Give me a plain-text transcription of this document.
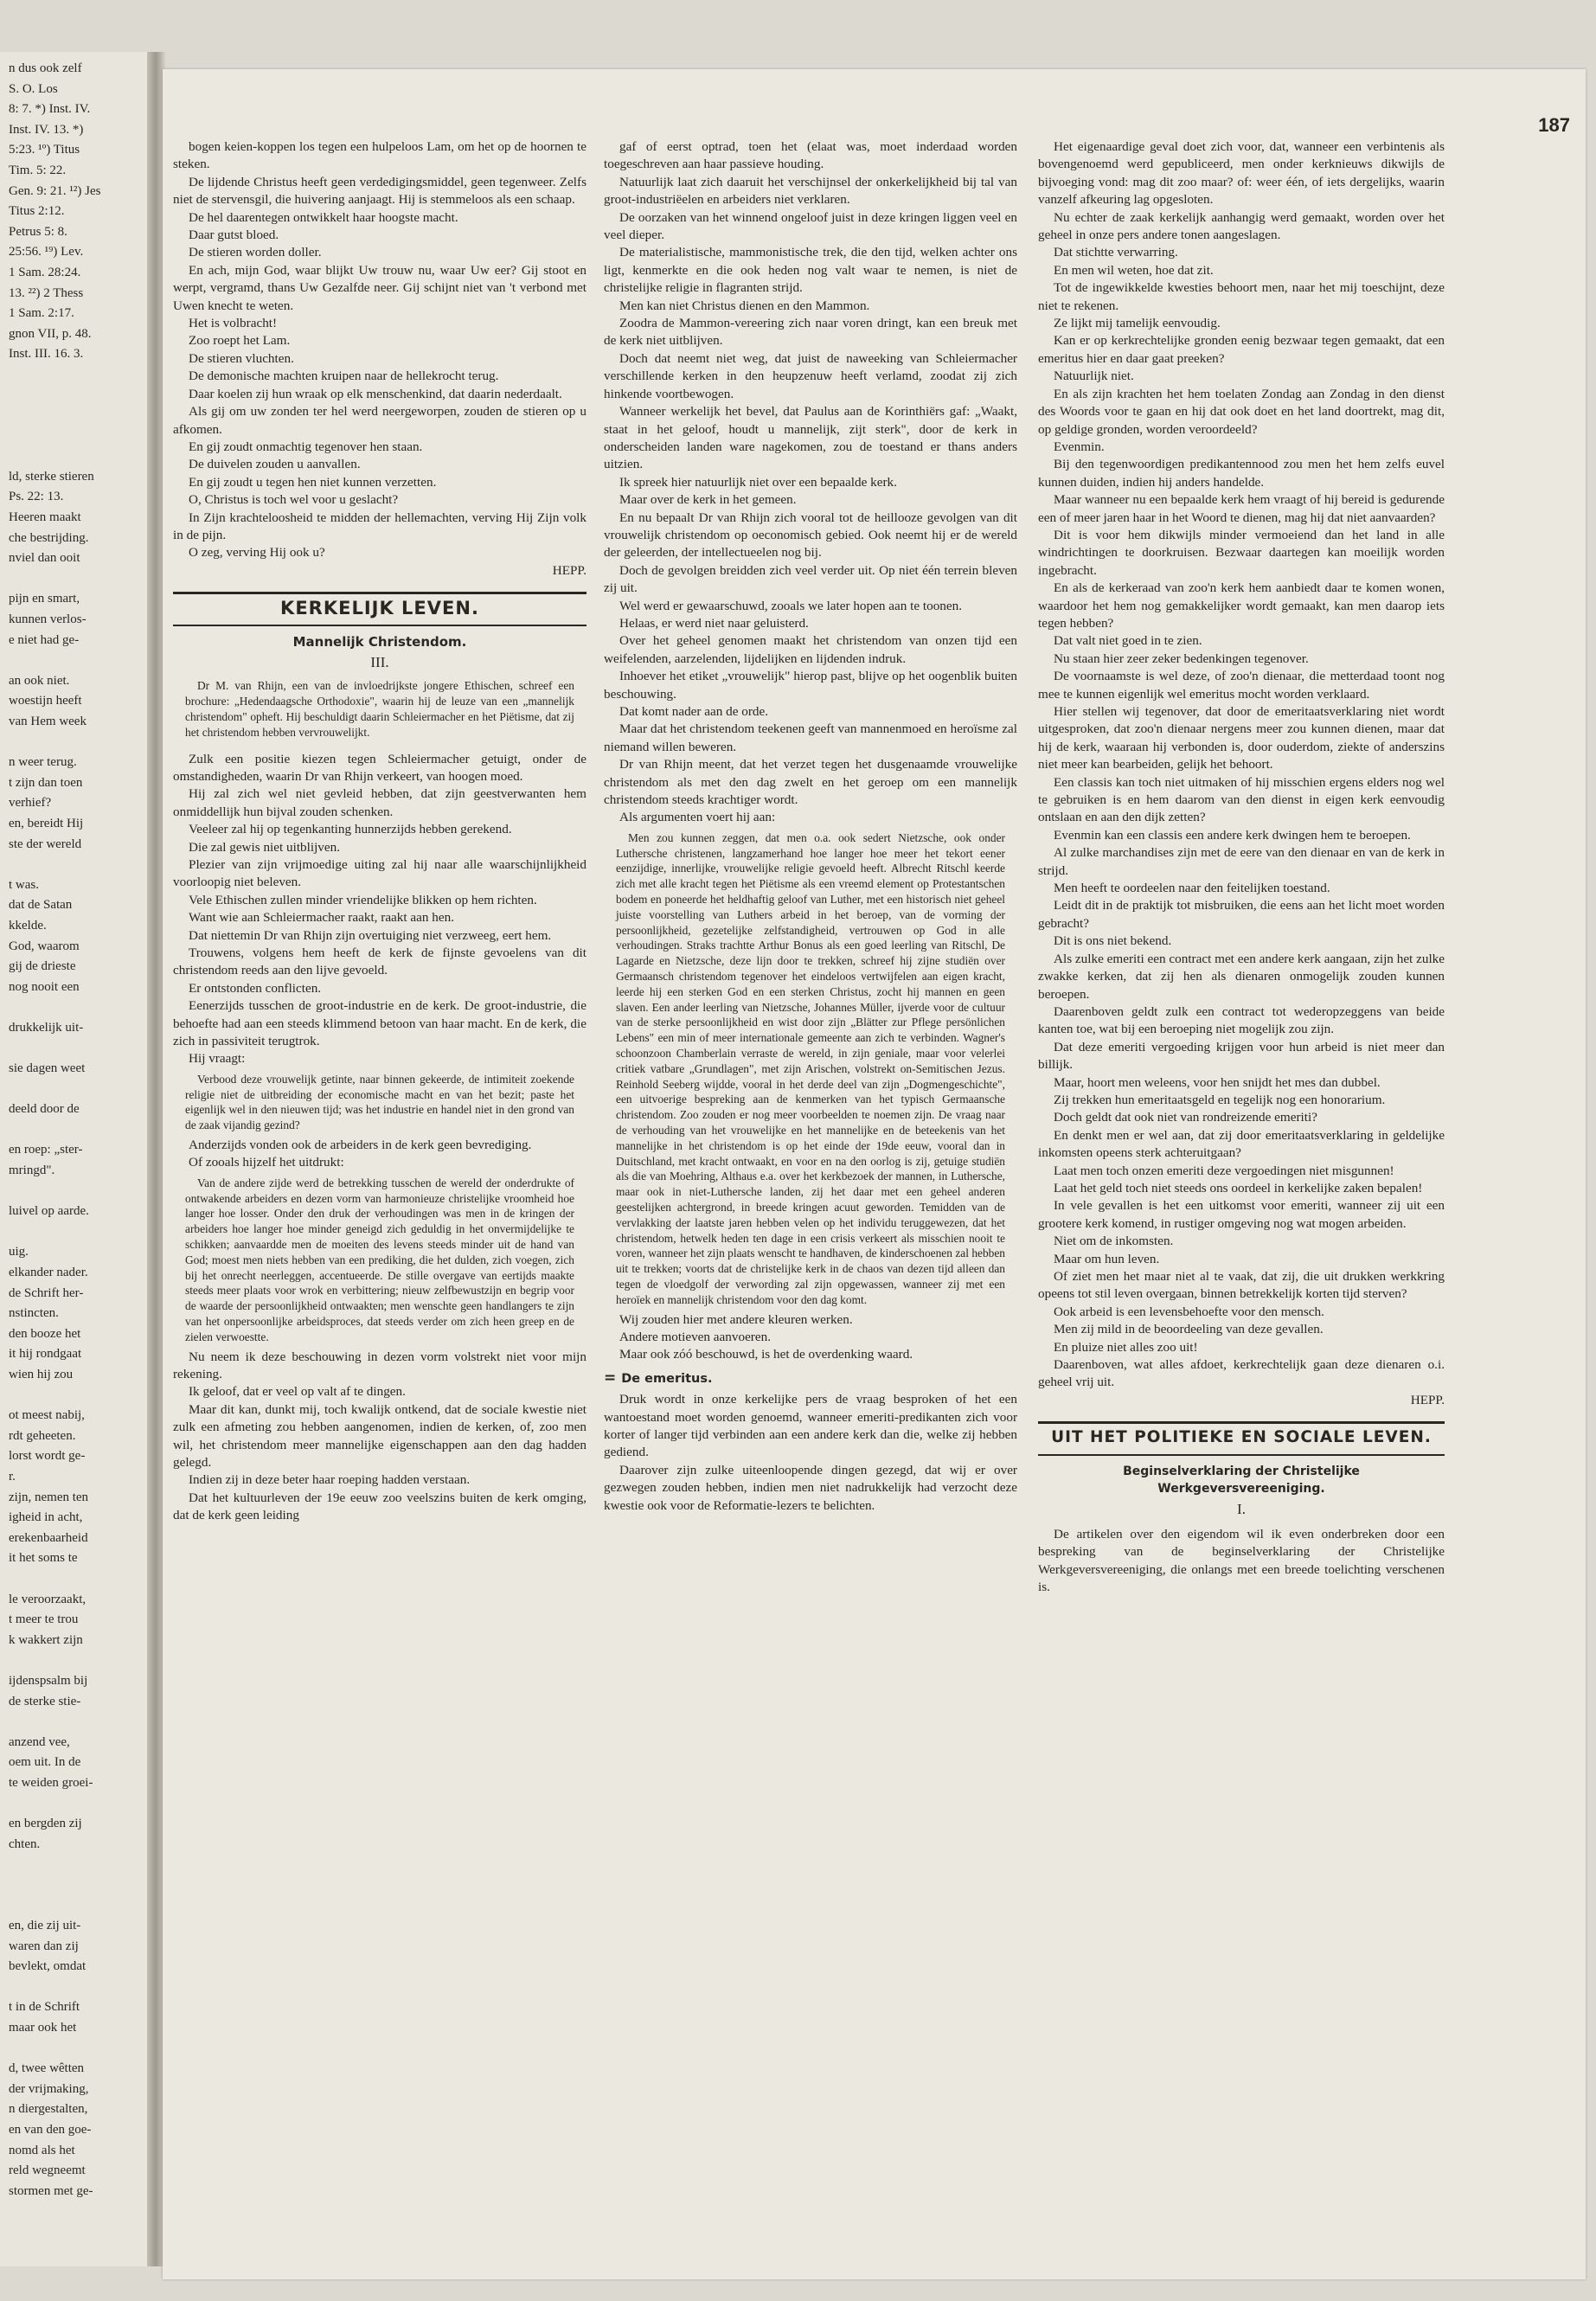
n dus ook zelf
S. O. Los
8: 7. *) Inst. IV.
Inst. IV. 13. *)
5:23. ¹º) Titus
Tim. 5: 22.
Gen. 9: 21. ¹²) Jes
Titus 2:12.
Petrus 5: 8.
25:56. ¹⁹) Lev.
1 Sam. 28:24.
13. ²²) 2 Thess
1 Sam. 2:17.
gnon VII, p. 48.
Inst. III. 16. 3.
ld, sterke stieren
Ps. 22: 13.
Heeren maakt
che bestrijding.
nviel dan ooit
pijn en smart,
kunnen verlos-
e niet had ge-
an ook niet.
woestijn heeft
van Hem week
n weer terug.
t zijn dan toen
verhief?
en, bereidt Hij
ste der wereld
t was.
dat de Satan
kkelde.
God, waarom
gij de drieste
nog nooit een
drukkelijk uit-
sie dagen weet
deeld door de
en roep: „ster-
mringd".
luivel op aarde.
uig.
elkander nader.
de Schrift her-
nstincten.
den booze het
it hij rondgaat
wien hij zou
ot meest nabij,
rdt geheeten.
lorst wordt ge-
r.
zijn, nemen ten
igheid in acht,
erekenbaarheid
it het soms te
le veroorzaakt,
t meer te trou
k wakkert zijn
ijdenspsalm bij
de sterke stie-
anzend vee,
oem uit. In de
te weiden groei-
en bergden zij
chten.
en, die zij uit-
waren dan zij
bevlekt, omdat
t in de Schrift
maar ook het
d, twee wêtten
der vrijmaking,
n diergestalten,
en van den goe-
nomd als het
reld wegneemt
stormen met ge-
187

bogen keien-koppen los tegen een hulpeloos Lam, om het op de hoornen te steken.

De lijdende Christus heeft geen verdedigingsmiddel, geen tegenweer. Zelfs niet de stervensgil, die huivering aanjaagt. Hij is stemmeloos als een schaap.

De hel daarentegen ontwikkelt haar hoogste macht.

Daar gutst bloed.

De stieren worden doller.

En ach, mijn God, waar blijkt Uw trouw nu, waar Uw eer? Gij stoot en werpt, vergramd, thans Uw Gezalfde neer. Gij schijnt niet van 't verbond met Uwen knecht te weten.

Het is volbracht!

Zoo roept het Lam.

De stieren vluchten.

De demonische machten kruipen naar de hellekrocht terug.

Daar koelen zij hun wraak op elk menschenkind, dat daarin nederdaalt.

Als gij om uw zonden ter hel werd neergeworpen, zouden de stieren op u afkomen.

En gij zoudt onmachtig tegenover hen staan.

De duivelen zouden u aanvallen.

En gij zoudt u tegen hen niet kunnen verzetten.

O, Christus is toch wel voor u geslacht?

In Zijn krachteloosheid te midden der hellemachten, verving Hij Zijn volk in de pijn.

O zeg, verving Hij ook u?

HEPP.

KERKELIJK LEVEN.
Mannelijk Christendom.
III.

Dr M. van Rhijn, een van de invloedrijkste jongere Ethischen, schreef een brochure: „Hedendaagsche Orthodoxie", waarin hij de leuze van een „mannelijk christendom" opheft. Hij beschuldigt daarin Schleiermacher en het Piëtisme, dat zij het christendom hebben vervrouwelijkt.

Zulk een positie kiezen tegen Schleiermacher getuigt, onder de omstandigheden, waarin Dr van Rhijn verkeert, van hoogen moed.

Hij zal zich wel niet gevleid hebben, dat zijn geestverwanten hem onmiddellijk hun bijval zouden schenken.

Veeleer zal hij op tegenkanting hunnerzijds hebben gerekend.

Die zal gewis niet uitblijven.

Plezier van zijn vrijmoedige uiting zal hij naar alle waarschijnlijkheid voorloopig niet beleven.

Vele Ethischen zullen minder vriendelijke blikken op hem richten.

Want wie aan Schleiermacher raakt, raakt aan hen.

Dat niettemin Dr van Rhijn zijn overtuiging niet verzweeg, eert hem.

Trouwens, volgens hem heeft de kerk de fijnste gevoelens van dit christendom reeds aan den lijve gevoeld.

Er ontstonden conflicten.

Eenerzijds tusschen de groot-industrie en de kerk. De groot-industrie, die behoefte had aan een steeds klimmend betoon van haar macht. En de kerk, die zich in passiviteit terugtrok.

Hij vraagt:

Verbood deze vrouwelijk getinte, naar binnen gekeerde, de intimiteit zoekende religie niet de uitbreiding der economische macht en van het bezit; paste het eigenlijk wel in den nieuwen tijd; was het industrie en handel niet in den grond van de zaak vijandig gezind?

Anderzijds vonden ook de arbeiders in de kerk geen bevrediging.

Of zooals hijzelf het uitdrukt:

Van de andere zijde werd de betrekking tusschen de wereld der onderdrukte of ontwakende arbeiders en dezen vorm van harmonieuze christelijke vroomheid hoe langer hoe losser. Onder den druk der verhoudingen was men in de kringen der arbeiders hoe langer hoe minder geneigd zich geduldig in het onvermijdelijke te schikken; aanvaardde men de moeiten des levens steeds minder uit de hand van God; moest men niets hebben van een prediking, die het dulden, zich voegen, zich bij het onrecht neerleggen, accentueerde. De stille overgave van eertijds maakte steeds meer plaats voor wrok en verbittering; nieuw zelfbewustzijn en begrip voor de waarde der persoonlijkheid ontwaakten; men wenschte geen handlangers te zijn van het onpersoonlijke arbeidsproces, dat steeds verder om zich heen greep en de zielen verwoestte.

Nu neem ik deze beschouwing in dezen vorm volstrekt niet voor mijn rekening.

Ik geloof, dat er veel op valt af te dingen.

Maar dit kan, dunkt mij, toch kwalijk ontkend, dat de sociale kwestie niet zulk een afmeting zou hebben aangenomen, indien de kerken, of, zoo men wil, het christendom meer mannelijke eigenschappen aan den dag hadden gelegd.

Indien zij in deze beter haar roeping hadden verstaan.

Dat het kultuurleven der 19e eeuw zoo veelszins buiten de kerk omging, dat de kerk geen leiding

gaf of eerst optrad, toen het (elaat was, moet inderdaad worden toegeschreven aan haar passieve houding.

Natuurlijk laat zich daaruit het verschijnsel der onkerkelijkheid bij tal van groot-industriëelen en arbeiders niet verklaren.

De oorzaken van het winnend ongeloof juist in deze kringen liggen veel en veel dieper.

De materialistische, mammonistische trek, die den tijd, welken achter ons ligt, kenmerkte en die ook heden nog valt waar te nemen, is niet de christelijke religie in flagranten strijd.

Men kan niet Christus dienen en den Mammon.

Zoodra de Mammon-vereering zich naar voren dringt, kan een breuk met de kerk niet uitblijven.

Doch dat neemt niet weg, dat juist de naweeking van Schleiermacher verschillende kerken in den heupzenuw heeft verlamd, zoodat zij zich hinkende voortbewogen.

Wanneer werkelijk het bevel, dat Paulus aan de Korinthiërs gaf: „Waakt, staat in het geloof, houdt u mannelijk, zijt sterk", door de kerk in onderscheiden landen ware nagekomen, zou de toestand er thans anders uitzien.

Ik spreek hier natuurlijk niet over een bepaalde kerk.

Maar over de kerk in het gemeen.

En nu bepaalt Dr van Rhijn zich vooral tot de heillooze gevolgen van dit vrouwelijk christendom op oeconomisch gebied. Ook neemt hij er de wereld der geleerden, der intellectueelen nog bij.

Doch de gevolgen breidden zich veel verder uit. Op niet één terrein bleven zij uit.

Wel werd er gewaarschuwd, zooals we later hopen aan te toonen.

Helaas, er werd niet naar geluisterd.

Over het geheel genomen maakt het christendom van onzen tijd een weifelenden, aarzelenden, lijdelijken en lijdenden indruk.

Inhoever het etiket „vrouwelijk" hierop past, blijve op het oogenblik buiten beschouwing.

Dat komt nader aan de orde.

Maar dat het christendom teekenen geeft van mannenmoed en heroïsme zal niemand willen beweren.

Dr van Rhijn meent, dat het verzet tegen het dusgenaamde vrouwelijke christendom als met den dag zwelt en het geroep om een mannelijk christendom steeds krachtiger wordt.

Als argumenten voert hij aan:

Men zou kunnen zeggen, dat men o.a. ook sedert Nietzsche, ook onder Luthersche christenen, langzamerhand hoe langer hoe meer het tekort eener eenzijdige, innerlijke, vrouwelijke religie gevoeld heeft. Albrecht Ritschl keerde zich met alle kracht tegen het Piëtisme als een vreemd element op Protestantschen bodem en poneerde het heldhaftig geloof van Luther, met een historisch niet geheel juiste voorstelling van Luthers arbeid in het beroep, van de vorming der persoonlijkheid, gezetelijke zelfstandigheid, vertrouwen op God in alle verhoudingen. Straks trachtte Arthur Bonus als een goed leerling van Ritschl, De Lagarde en Nietzsche, deze lijn door te trekken, schreef hij zijne studiën over Germaansch christendom tegenover het eindeloos vertwijfelen aan eigen kracht, leerde hij een sterken God en een sterken Christus, zocht hij mannen en geen slaven. Een ander leerling van Nietzsche, Johannes Müller, ijverde voor de cultuur van de sterke persoonlijkheid en wist door zijn „Blätter zur Pflege persönlichen Lebens" een min of meer internationale gemeente aan zich te verbinden. Wagner's schoonzoon Chamberlain verraste de wereld, in zijn geniale, maar voor velerlei critiek vatbare „Grundlagen", met zijn Arischen, volstrekt on-Semitischen Jezus. Reinhold Seeberg wijdde, vooral in het derde deel van zijn „Dogmengeschichte", een uitvoerige bespreking aan de kenmerken van het typisch Germaansche christendom. Zoo zouden er nog meer voorbeelden te noemen zijn. De vraag naar de verhouding van het vrouwelijke en het mannelijke en de beteekenis van het mannelijke in het christendom is op het einde der 19de eeuw, vooral dan in Duitschland, met kracht ontwaakt, en voor en na den oorlog is zij, getuige studiën als die van Moehring, Althaus e.a. over het kerkbezoek der mannen, in Luthersche, maar ook in niet-Luthersche landen, zij het daar met een geheel anderen geestelijken achtergrond, in breede kringen acuut geworden. Temidden van de vervlakking der laatste jaren hebben velen op het individu teruggewezen, dat het christendom, hetwelk heden ten dage in een crisis verkeert als misschien nooit te voren, wanneer het zijn plaats wenscht te handhaven, de kinderschoenen zal hebben uit te trekken; voorts dat de christelijke kerk in de chaos van dezen tijd alleen dan tegen de vloedgolf der verwording zal zijn opgewassen, wanneer zij met een heroïek en mannelijk christendom voor den dag komt.

Wij zouden hier met andere kleuren werken.

Andere motieven aanvoeren.

Maar ook zóó beschouwd, is het de overdenking waard.

= De emeritus.

Druk wordt in onze kerkelijke pers de vraag besproken of het een wantoestand moet worden genoemd, wanneer emeriti-predikanten zich voor korter of langer tijd verbinden aan een andere kerk dan die, welke zij hebben gediend.

Daarover zijn zulke uiteenloopende dingen gezegd, dat wij er over gezwegen zouden hebben, indien men niet nadrukkelijk had verzocht deze kwestie ook voor de Reformatie-lezers te belichten.

Het eigenaardige geval doet zich voor, dat, wanneer een verbintenis als bovengenoemd werd gepubliceerd, men onder kerknieuws dikwijls de bijvoeging vond: mag dit zoo maar? of: weer één, of iets dergelijks, waarin vanzelf afkeuring lag opgesloten.

Nu echter de zaak kerkelijk aanhangig werd gemaakt, worden over het geheel in onze pers andere tonen aangeslagen.

Dat stichtte verwarring.

En men wil weten, hoe dat zit.

Tot de ingewikkelde kwesties behoort men, naar het mij toeschijnt, deze niet te rekenen.

Ze lijkt mij tamelijk eenvoudig.

Kan er op kerkrechtelijke gronden eenig bezwaar tegen gemaakt, dat een emeritus hier en daar gaat preeken?

Natuurlijk niet.

En als zijn krachten het hem toelaten Zondag aan Zondag in den dienst des Woords voor te gaan en hij dat ook doet en het land doortrekt, mag dit, op geldige gronden, worden veroordeeld?

Evenmin.

Bij den tegenwoordigen predikantennood zou men het hem zelfs euvel kunnen duiden, indien hij anders handelde.

Maar wanneer nu een bepaalde kerk hem vraagt of hij bereid is gedurende een of meer jaren haar in het Woord te dienen, mag hij dat niet aanvaarden?

Dit is voor hem dikwijls minder vermoeiend dan het land in alle windrichtingen te doorkruisen. Bezwaar daartegen kan moeilijk worden ingebracht.

En als de kerkeraad van zoo'n kerk hem aanbiedt daar te komen wonen, waardoor het hem nog gemakkelijker wordt gemaakt, kan men daarop iets tegen hebben?

Dat valt niet goed in te zien.

Nu staan hier zeer zeker bedenkingen tegenover.

De voornaamste is wel deze, of zoo'n dienaar, die metterdaad toont nog mee te kunnen eigenlijk wel emeritus mocht worden verklaard.

Hier stellen wij tegenover, dat door de emeritaatsverklaring niet wordt uitgesproken, dat zoo'n dienaar nergens meer zou kunnen dienen, maar dat hij de kerk, waaraan hij verbonden is, door ouderdom, ziekte of anderszins niet meer kan bearbeiden, gelijk het behoort.

Een classis kan toch niet uitmaken of hij misschien ergens elders nog wel te gebruiken is en hem daarom van den dienst in eigen kerk eenvoudig ontslaan en aan den dijk zetten?

Evenmin kan een classis een andere kerk dwingen hem te beroepen.

Al zulke marchandises zijn met de eere van den dienaar en van de kerk in strijd.

Men heeft te oordeelen naar den feitelijken toestand.

Leidt dit in de praktijk tot misbruiken, die eens aan het licht moet worden gebracht?

Dit is ons niet bekend.

Als zulke emeriti een contract met een andere kerk aangaan, zijn het zulke zwakke kerken, dat zij hen als dienaren onmogelijk zouden kunnen beroepen.

Daarenboven geldt zulk een contract tot wederopzeggens van beide kanten toe, wat bij een beroeping niet mogelijk zou zijn.

Dat deze emeriti vergoeding krijgen voor hun arbeid is niet meer dan billijk.

Maar, hoort men weleens, voor hen snijdt het mes dan dubbel.

Zij trekken hun emeritaatsgeld en tegelijk nog een honorarium.

Doch geldt dat ook niet van rondreizende emeriti?

En denkt men er wel aan, dat zij door emeritaatsverklaring in geldelijke inkomsten opeens sterk achteruitgaan?

Laat men toch onzen emeriti deze vergoedingen niet misgunnen!

Laat het geld toch niet steeds ons oordeel in kerkelijke zaken bepalen!

In vele gevallen is het een uitkomst voor emeriti, wanneer zij uit een grootere kerk komend, in rustiger omgeving nog wat mogen arbeiden.

Niet om de inkomsten.

Maar om hun leven.

Of ziet men het maar niet al te vaak, dat zij, die uit drukken werkkring opeens tot stil leven overgaan, binnen betrekkelijk korten tijd sterven?

Ook arbeid is een levensbehoefte voor den mensch.

Men zij mild in de beoordeeling van deze gevallen.

En pluize niet alles zoo uit!

Daarenboven, wat alles afdoet, kerkrechtelijk gaan deze dienaren o.i. geheel vrij uit.

HEPP.

UIT HET POLITIEKE EN SOCIALE LEVEN.
Beginselverklaring der Christelijke Werkgeversvereeniging.
I.

De artikelen over den eigendom wil ik even onderbreken door een bespreking van de beginselverklaring der Christelijke Werkgeversvereeniging, die onlangs met een breede toelichting verschenen is.
